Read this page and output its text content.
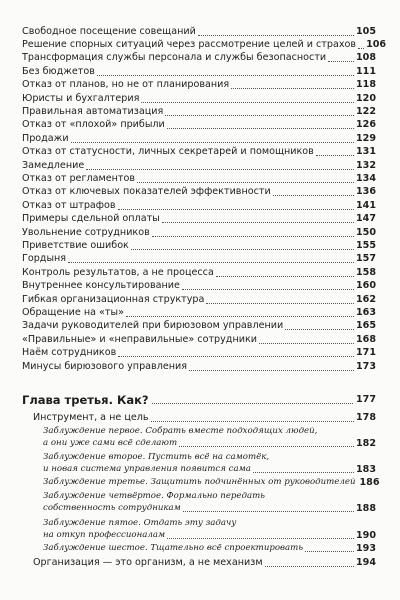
Свободное посещение совещаний	105
Решение спорных ситуаций через рассмотрение целей и страхов 106
Трансформация службы персонала и службы безопасности	108
Без бюджетов	111
Отказ от планов, но не от планирования	118
Юристы и бухгалтерия	120
Правильная автоматизация	122
Отказ от «плохой» прибыли	126
Продажи	129
Отказ от статусности, личных секретарей и помощников	131
Замедление	132
Отказ от регламентов	134
Отказ от ключевых показателей эффективности	136
Отказ от штрафов	141
Примеры сдельной оплаты	147
Увольнение сотрудников	150
Приветствие ошибок	155
Гордыня	157
Контроль результатов, а не процесса	158
Внутреннее консультирование	160
Гибкая организационная структура	162
Обращение на «ты»	163
Задачи руководителей при бирюзовом управлении	165
«Правильные» и «неправильные» сотрудники	168
Наём сотрудников	171
Минусы бирюзового управления	173
Глава третья. Как?	177
Инструмент, а не цель	178
Заблуждение первое. Собрать вместе подходящих людей,
а они уже сами всё сделают	182
Заблуждение второе. Пустить всё на самотёк,
и новая система управления появится сама	183
Заблуждение третье. Защитить подчинённых от руководителей 186
Заблуждение четвёртое. Формально передать
собственность сотрудникам	188
Заблуждение пятое. Отдать эту задачу
на откуп профессионалам	190
Заблуждение шестое. Тщательно всё спроектировать	193
Организация — это организм, а не механизм	194
